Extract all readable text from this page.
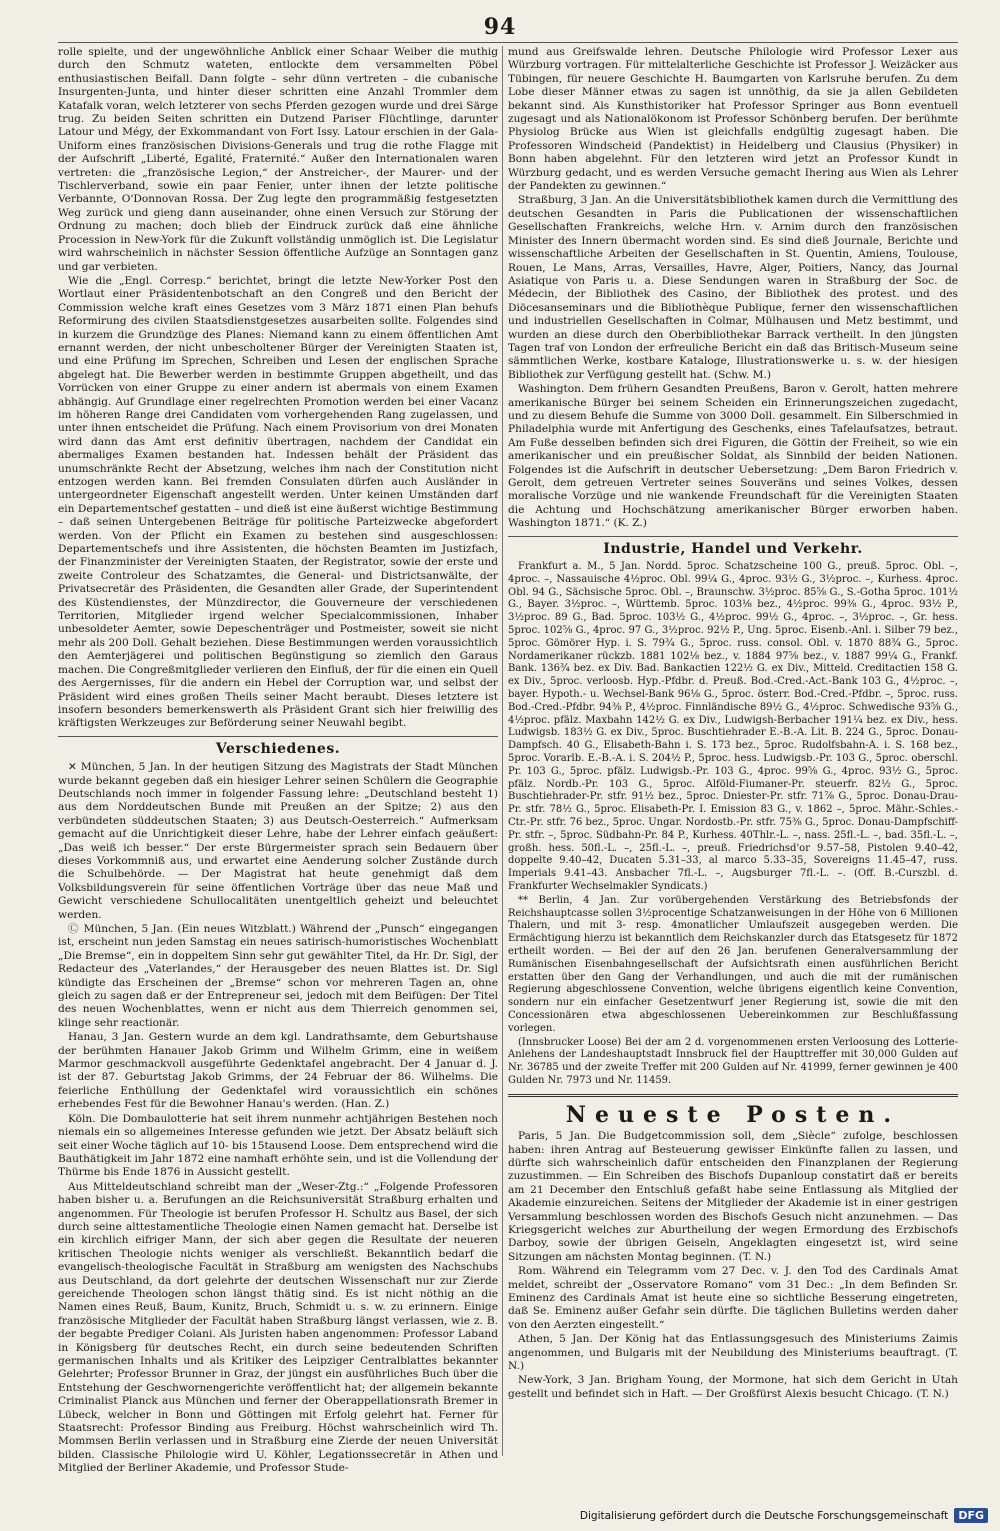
94

rolle spielte, und der ungewöhnliche Anblick einer Schaar Weiber die muthig durch den Schmutz wateten, entlockte dem versammelten Pöbel enthusiastischen Beifall. Dann folgte – sehr dünn vertreten – die cubanische Insurgenten-Junta, und hinter dieser schritten eine Anzahl Trommler dem Katafalk voran, welch letzterer von sechs Pferden gezogen wurde und drei Särge trug. Zu beiden Seiten schritten ein Dutzend Pariser Flüchtlinge, darunter Latour und Mégy, der Exkommandant von Fort Issy. Latour erschien in der Gala-Uniform eines französischen Divisions-Generals und trug die rothe Flagge mit der Aufschrift „Liberté, Egalité, Fraternité.“ Außer den Internationalen waren vertreten: die „französische Legion,“ der Anstreicher-, der Maurer- und der Tischlerverband, sowie ein paar Fenier, unter ihnen der letzte politische Verbannte, O'Donnovan Rossa. Der Zug legte den programmäßig festgesetzten Weg zurück und gieng dann auseinander, ohne einen Versuch zur Störung der Ordnung zu machen; doch blieb der Eindruck zurück daß eine ähnliche Procession in New-York für die Zukunft vollständig unmöglich ist. Die Legislatur wird wahrscheinlich in nächster Session öffentliche Aufzüge an Sonntagen ganz und gar verbieten.

Wie die „Engl. Corresp.“ berichtet, bringt die letzte New-Yorker Post den Wortlaut einer Präsidentenbotschaft an den Congreß und den Bericht der Commission welche kraft eines Gesetzes vom 3 März 1871 einen Plan behufs Reformirung des civilen Staatsdienstgesetzes ausarbeiten sollte. Folgendes sind in kurzem die Grundzüge des Planes: Niemand kann zu einem öffentlichen Amt ernannt werden, der nicht unbescholtener Bürger der Vereinigten Staaten ist, und eine Prüfung im Sprechen, Schreiben und Lesen der englischen Sprache abgelegt hat. Die Bewerber werden in bestimmte Gruppen abgetheilt, und das Vorrücken von einer Gruppe zu einer andern ist abermals von einem Examen abhängig. Auf Grundlage einer regelrechten Promotion werden bei einer Vacanz im höheren Range drei Candidaten vom vorhergehenden Rang zugelassen, und unter ihnen entscheidet die Prüfung. Nach einem Provisorium von drei Monaten wird dann das Amt erst definitiv übertragen, nachdem der Candidat ein abermaliges Examen bestanden hat. Indessen behält der Präsident das unumschränkte Recht der Absetzung, welches ihm nach der Constitution nicht entzogen werden kann. Bei fremden Consulaten dürfen auch Ausländer in untergeordneter Eigenschaft angestellt werden. Unter keinen Umständen darf ein Departementschef gestatten – und dieß ist eine äußerst wichtige Bestimmung – daß seinen Untergebenen Beiträge für politische Parteizwecke abgefordert werden. Von der Pflicht ein Examen zu bestehen sind ausgeschlossen: Departementschefs und ihre Assistenten, die höchsten Beamten im Justizfach, der Finanzminister der Vereinigten Staaten, der Registrator, sowie der erste und zweite Controleur des Schatzamtes, die General- und Districtsanwälte, der Privatsecretär des Präsidenten, die Gesandten aller Grade, der Superintendent des Küstendienstes, der Münzdirector, die Gouverneure der verschiedenen Territorien, Mitglieder irgend welcher Specialcommissionen, Inhaber unbesoldeter Aemter, sowie Depeschenträger und Postmeister, soweit sie nicht mehr als 200 Doll. Gehalt beziehen. Diese Bestimmungen werden voraussichtlich den Aemterjägerei und politischen Begünstigung so ziemlich den Garaus machen. Die Congreßmitglieder verlieren den Einfluß, der für die einen ein Quell des Aergernisses, für die andern ein Hebel der Corruption war, und selbst der Präsident wird eines großen Theils seiner Macht beraubt. Dieses letztere ist insofern besonders bemerkenswerth als Präsident Grant sich hier freiwillig des kräftigsten Werkzeuges zur Beförderung seiner Neuwahl begibt.

Verschiedenes.

✕ München, 5 Jan. In der heutigen Sitzung des Magistrats der Stadt München wurde bekannt gegeben daß ein hiesiger Lehrer seinen Schülern die Geographie Deutschlands noch immer in folgender Fassung lehre: „Deutschland besteht 1) aus dem Norddeutschen Bunde mit Preußen an der Spitze; 2) aus den verbündeten süddeutschen Staaten; 3) aus Deutsch-Oesterreich.“ Aufmerksam gemacht auf die Unrichtigkeit dieser Lehre, habe der Lehrer einfach geäußert: „Das weiß ich besser.“ Der erste Bürgermeister sprach sein Bedauern über dieses Vorkommniß aus, und erwartet eine Aenderung solcher Zustände durch die Schulbehörde. — Der Magistrat hat heute genehmigt daß dem Volksbildungsverein für seine öffentlichen Vorträge über das neue Maß und Gewicht verschiedene Schullocalitäten unentgeltlich geheizt und beleuchtet werden.

Ⓒ München, 5 Jan. (Ein neues Witzblatt.) Während der „Punsch“ eingegangen ist, erscheint nun jeden Samstag ein neues satirisch-humoristisches Wochenblatt „Die Bremse“, ein in doppeltem Sinn sehr gut gewählter Titel, da Hr. Dr. Sigl, der Redacteur des „Vaterlandes,“ der Herausgeber des neuen Blattes ist. Dr. Sigl kündigte das Erscheinen der „Bremse“ schon vor mehreren Tagen an, ohne gleich zu sagen daß er der Entrepreneur sei, jedoch mit dem Beifügen: Der Titel des neuen Wochenblattes, wenn er nicht aus dem Thierreich genommen sei, klinge sehr reactionär.

Hanau, 3 Jan. Gestern wurde an dem kgl. Landrathsamte, dem Geburtshause der berühmten Hanauer Jakob Grimm und Wilhelm Grimm, eine in weißem Marmor geschmackvoll ausgeführte Gedenktafel angebracht. Der 4 Januar d. J. ist der 87. Geburtstag Jakob Grimms, der 24 Februar der 86. Wilhelms. Die feierliche Enthüllung der Gedenktafel wird voraussichtlich ein schönes erhebendes Fest für die Bewohner Hanau's werden. (Han. Z.)

Köln. Die Dombaulotterie hat seit ihrem nunmehr achtjährigen Bestehen noch niemals ein so allgemeines Interesse gefunden wie jetzt. Der Absatz beläuft sich seit einer Woche täglich auf 10- bis 15tausend Loose. Dem entsprechend wird die Bauthätigkeit im Jahr 1872 eine namhaft erhöhte sein, und ist die Vollendung der Thürme bis Ende 1876 in Aussicht gestellt.

Aus Mitteldeutschland schreibt man der „Weser-Ztg.:“ „Folgende Professoren haben bisher u. a. Berufungen an die Reichsuniversität Straßburg erhalten und angenommen. Für Theologie ist berufen Professor H. Schultz aus Basel, der sich durch seine alttestamentliche Theologie einen Namen gemacht hat. Derselbe ist ein kirchlich eifriger Mann, der sich aber gegen die Resultate der neueren kritischen Theologie nichts weniger als verschließt. Bekanntlich bedarf die evangelisch-theologische Facultät in Straßburg am wenigsten des Nachschubs aus Deutschland, da dort gelehrte der deutschen Wissenschaft nur zur Zierde gereichende Theologen schon längst thätig sind. Es ist nicht nöthig an die Namen eines Reuß, Baum, Kunitz, Bruch, Schmidt u. s. w. zu erinnern. Einige französische Mitglieder der Facultät haben Straßburg längst verlassen, wie z. B. der begabte Prediger Colani. Als Juristen haben angenommen: Professor Laband in Königsberg für deutsches Recht, ein durch seine bedeutenden Schriften germanischen Inhalts und als Kritiker des Leipziger Centralblattes bekannter Gelehrter; Professor Brunner in Graz, der jüngst ein ausführliches Buch über die Entstehung der Geschwornengerichte veröffentlicht hat; der allgemein bekannte Criminalist Planck aus München und ferner der Oberappellationsrath Bremer in Lübeck, welcher in Bonn und Göttingen mit Erfolg gelehrt hat. Ferner für Staatsrecht: Professor Binding aus Freiburg. Höchst wahrscheinlich wird Th. Mommsen Berlin verlassen und in Straßburg eine Zierde der neuen Universität bilden. Classische Philologie wird U. Köhler, Legationssecretär in Athen und Mitglied der Berliner Akademie, und Professor Stude-

mund aus Greifswalde lehren. Deutsche Philologie wird Professor Lexer aus Würzburg vortragen. Für mittelalterliche Geschichte ist Professor J. Weizäcker aus Tübingen, für neuere Geschichte H. Baumgarten von Karlsruhe berufen. Zu dem Lobe dieser Männer etwas zu sagen ist unnöthig, da sie ja allen Gebildeten bekannt sind. Als Kunsthistoriker hat Professor Springer aus Bonn eventuell zugesagt und als Nationalökonom ist Professor Schönberg berufen. Der berühmte Physiolog Brücke aus Wien ist gleichfalls endgültig zugesagt haben. Die Professoren Windscheid (Pandektist) in Heidelberg und Clausius (Physiker) in Bonn haben abgelehnt. Für den letzteren wird jetzt an Professor Kundt in Würzburg gedacht, und es werden Versuche gemacht Ihering aus Wien als Lehrer der Pandekten zu gewinnen.“

Straßburg, 3 Jan. An die Universitätsbibliothek kamen durch die Vermittlung des deutschen Gesandten in Paris die Publicationen der wissenschaftlichen Gesellschaften Frankreichs, welche Hrn. v. Arnim durch den französischen Minister des Innern übermacht worden sind. Es sind dieß Journale, Berichte und wissenschaftliche Arbeiten der Gesellschaften in St. Quentin, Amiens, Toulouse, Rouen, Le Mans, Arras, Versailles, Havre, Alger, Poitiers, Nancy, das Journal Asiatique von Paris u. a. Diese Sendungen waren in Straßburg der Soc. de Médecin, der Bibliothek des Casino, der Bibliothek des protest. und des Diöcesanseminars und die Bibliothèque Publique, ferner den wissenschaftlichen und industriellen Gesellschaften in Colmar, Mülhausen und Metz bestimmt, und wurden an diese durch den Oberbibliothekar Barrack vertheilt. In den jüngsten Tagen traf von London der erfreuliche Bericht ein daß das Britisch-Museum seine sämmtlichen Werke, kostbare Kataloge, Illustrationswerke u. s. w. der hiesigen Bibliothek zur Verfügung gestellt hat. (Schw. M.)

Washington. Dem frühern Gesandten Preußens, Baron v. Gerolt, hatten mehrere amerikanische Bürger bei seinem Scheiden ein Erinnerungszeichen zugedacht, und zu diesem Behufe die Summe von 3000 Doll. gesammelt. Ein Silberschmied in Philadelphia wurde mit Anfertigung des Geschenks, eines Tafelaufsatzes, betraut. Am Fuße desselben befinden sich drei Figuren, die Göttin der Freiheit, so wie ein amerikanischer und ein preußischer Soldat, als Sinnbild der beiden Nationen. Folgendes ist die Aufschrift in deutscher Uebersetzung: „Dem Baron Friedrich v. Gerolt, dem getreuen Vertreter seines Souveräns und seines Volkes, dessen moralische Vorzüge und nie wankende Freundschaft für die Vereinigten Staaten die Achtung und Hochschätzung amerikanischer Bürger erworben haben. Washington 1871.“ (K. Z.)

Industrie, Handel und Verkehr.

Frankfurt a. M., 5 Jan. Nordd. 5proc. Schatzscheine 100 G., preuß. 5proc. Obl. –, 4proc. –, Nassauische 4½proc. Obl. 99¼ G., 4proc. 93½ G., 3½proc. –, Kurhess. 4proc. Obl. 94 G., Sächsische 5proc. Obl. –, Braunschw. 3½proc. 85⅝ G., S.-Gotha 5proc. 101½ G., Bayer. 3½proc. –, Württemb. 5proc. 103⅛ bez., 4½proc. 99⅜ G., 4proc. 93½ P., 3½proc. 89 G., Bad. 5proc. 103½ G., 4½proc. 99½ G., 4proc. –, 3½proc. –, Gr. hess. 5proc. 102⅝ G., 4proc. 97 G., 3½proc. 92½ P., Ung. 5proc. Eisenb.-Anl. i. Silber 79 bez., 5proc. Gömörer Hyp. i. S. 79¾ G., 5proc. russ. consol. Obl. v. 1870 88¾ G., 5proc. Nordamerikaner rückzb. 1881 102⅛ bez., v. 1884 97⅝ bez., v. 1887 99¼ G., Frankf. Bank. 136¾ bez. ex Div. Bad. Bankactien 122½ G. ex Div., Mitteld. Creditactien 158 G. ex Div., 5proc. verloosb. Hyp.-Pfdbr. d. Preuß. Bod.-Cred.-Act.-Bank 103 G., 4½proc. –, bayer. Hypoth.- u. Wechsel-Bank 96⅛ G., 5proc. österr. Bod.-Cred.-Pfdbr. –, 5proc. russ. Bod.-Cred.-Pfdbr. 94⅜ P., 4½proc. Finnländische 89½ G., 4½proc. Schwedische 93⅝ G., 4½proc. pfälz. Maxbahn 142½ G. ex Div., Ludwigsh-Berbacher 191¼ bez. ex Div., hess. Ludwigsb. 183½ G. ex Div., 5proc. Buschtiehrader E.-B.-A. Lit. B. 224 G., 5proc. Donau-Dampfsch. 40 G., Elisabeth-Bahn i. S. 173 bez., 5proc. Rudolfsbahn-A. i. S. 168 bez., 5proc. Vorarlb. E.-B.-A. i. S. 204½ P., 5proc. hess. Ludwigsb.-Pr. 103 G., 5proc. oberschl. Pr. 103 G., 5proc. pfälz. Ludwigsb.-Pr. 103 G., 4proc. 99⅝ G., 4proc. 93½ G., 5proc. pfälz. Nordb.-Pr. 103 G., 5proc. Alföld-Fiumaner-Pr. steuerfr. 82½ G., 5proc. Buschtiehrader-Pr. stfr. 91½ bez., 5proc. Dniester-Pr. stfr. 71⅞ G., 5proc. Donau-Drau-Pr. stfr. 78½ G., 5proc. Elisabeth-Pr. I. Emission 83 G., v. 1862 –, 5proc. Mähr.-Schles.-Ctr.-Pr. stfr. 76 bez., 5proc. Ungar. Nordostb.-Pr. stfr. 75⅜ G., 5proc. Donau-Dampfschiff-Pr. stfr. –, 5proc. Südbahn-Pr. 84 P., Kurhess. 40Thlr.-L. –, nass. 25fl.-L. –, bad. 35fl.-L. –, großh. hess. 50fl.-L. –, 25fl.-L. –, preuß. Friedrichsd'or 9.57–58, Pistolen 9.40–42, doppelte 9.40–42, Ducaten 5.31–33, al marco 5.33–35, Sovereigns 11.45–47, russ. Imperials 9.41–43. Ansbacher 7fl.-L. –, Augsburger 7fl.-L. –. (Off. B.-Curszbl. d. Frankfurter Wechselmakler Syndicats.)

** Berlin, 4 Jan. Zur vorübergehenden Verstärkung des Betriebsfonds der Reichshauptcasse sollen 3½procentige Schatzanweisungen in der Höhe von 6 Millionen Thalern, und mit 3- resp. 4monatlicher Umlaufszeit ausgegeben werden. Die Ermächtigung hierzu ist bekanntlich dem Reichskanzler durch das Etatsgesetz für 1872 ertheilt worden. — Bei der auf den 26 Jan. berufenen Generalversammlung der Rumänischen Eisenbahngesellschaft der Aufsichtsrath einen ausführlichen Bericht erstatten über den Gang der Verhandlungen, und auch die mit der rumänischen Regierung abgeschlossene Convention, welche übrigens eigentlich keine Convention, sondern nur ein einfacher Gesetzentwurf jener Regierung ist, sowie die mit den Concessionären etwa abgeschlossenen Uebereinkommen zur Beschlußfassung vorlegen.

(Innsbrucker Loose) Bei der am 2 d. vorgenommenen ersten Verloosung des Lotterie-Anlehens der Landeshauptstadt Innsbruck fiel der Haupttreffer mit 30,000 Gulden auf Nr. 36785 und der zweite Treffer mit 200 Gulden auf Nr. 41999, ferner gewinnen je 400 Gulden Nr. 7973 und Nr. 11459.

Neueste Posten.

Paris, 5 Jan. Die Budgetcommission soll, dem „Siècle“ zufolge, beschlossen haben: ihren Antrag auf Besteuerung gewisser Einkünfte fallen zu lassen, und dürfte sich wahrscheinlich dafür entscheiden den Finanzplanen der Regierung zuzustimmen. — Ein Schreiben des Bischofs Dupanloup constatirt daß er bereits am 21 December den Entschluß gefaßt habe seine Entlassung als Mitglied der Akademie einzureichen. Seitens der Mitglieder der Akademie ist in einer gestrigen Versammlung beschlossen worden des Bischofs Gesuch nicht anzunehmen. — Das Kriegsgericht welches zur Aburtheilung der wegen Ermordung des Erzbischofs Darboy, sowie der übrigen Geiseln, Angeklagten eingesetzt ist, wird seine Sitzungen am nächsten Montag beginnen. (T. N.)

Rom. Während ein Telegramm vom 27 Dec. v. J. den Tod des Cardinals Amat meldet, schreibt der „Osservatore Romano“ vom 31 Dec.: „In dem Befinden Sr. Eminenz des Cardinals Amat ist heute eine so sichtliche Besserung eingetreten, daß Se. Eminenz außer Gefahr sein dürfte. Die täglichen Bulletins werden daher von den Aerzten eingestellt.“

Athen, 5 Jan. Der König hat das Entlassungsgesuch des Ministeriums Zaimis angenommen, und Bulgaris mit der Neubildung des Ministeriums beauftragt. (T. N.)

New-York, 3 Jan. Brigham Young, der Mormone, hat sich dem Gericht in Utah gestellt und befindet sich in Haft. — Der Großfürst Alexis besucht Chicago. (T. N.)

Digitalisierung gefördert durch die Deutsche Forschungsgemeinschaft DFG
